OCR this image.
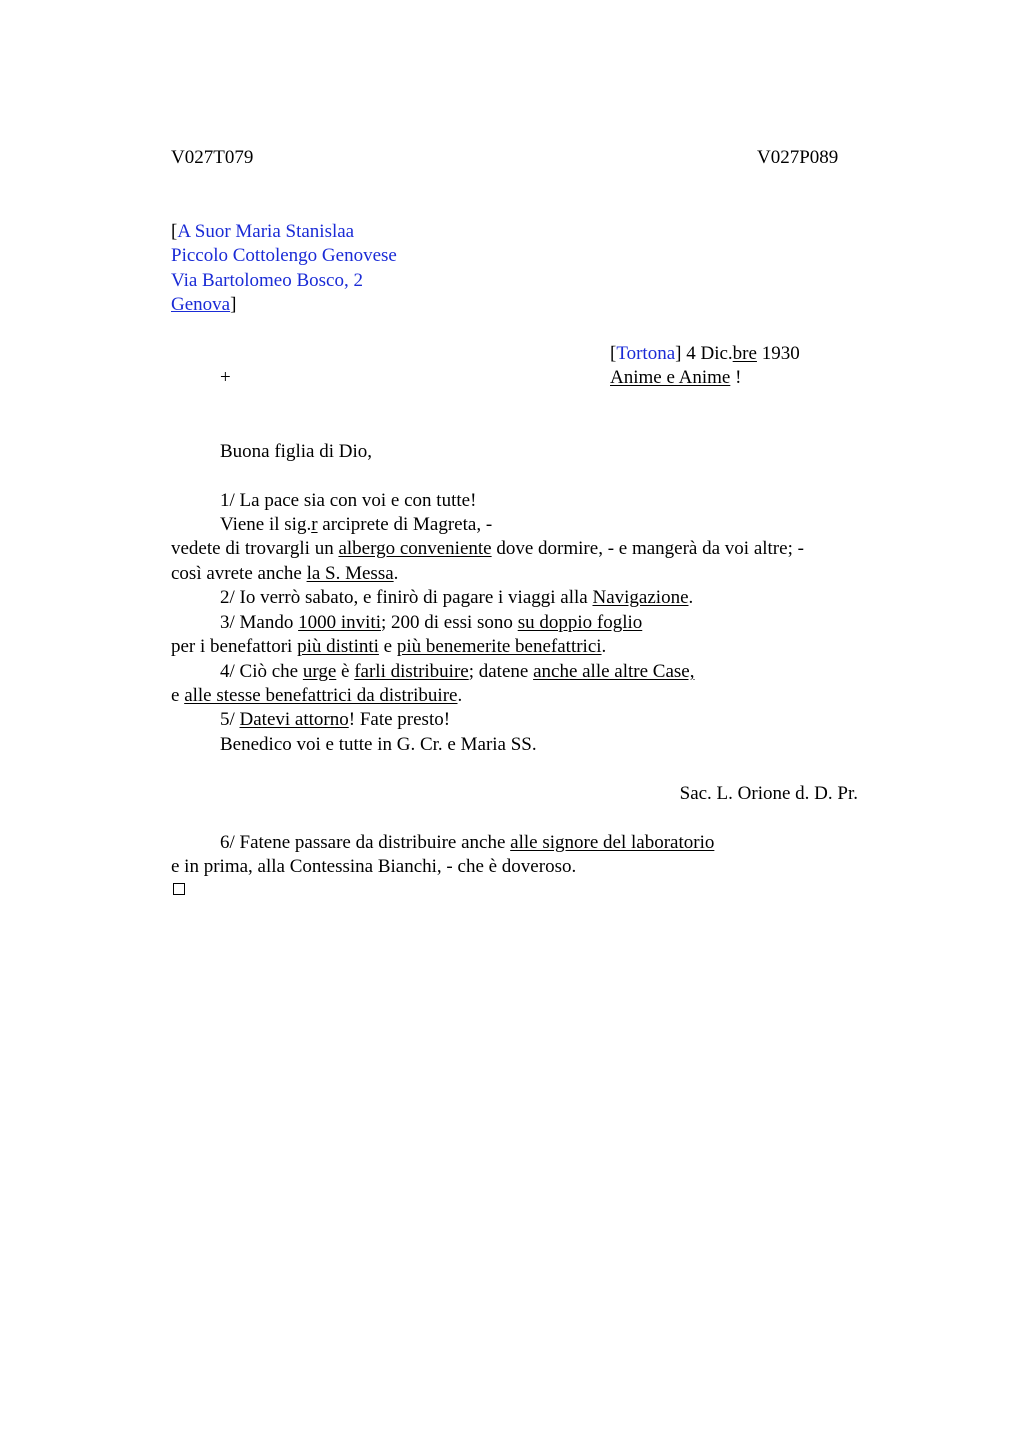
V027T079	V027P089
[A Suor Maria Stanislaa
Piccolo Cottolengo Genovese
Via Bartolomeo Bosco, 2
Genova]
[Tortona] 4 Dic.bre 1930
+	Anime e Anime !
Buona figlia di Dio,
1/ La pace sia con voi e con tutte!
Viene il sig.r arciprete di Magreta, -
vedete di trovargli un albergo conveniente dove dormire, - e mangerà da voi altre; -
così avrete anche la S. Messa.
2/ Io verrò sabato, e finirò di pagare i viaggi alla Navigazione.
3/ Mando 1000 inviti; 200 di essi sono su doppio foglio
per i benefattori più distinti e più benemerite benefattrici.
4/ Ciò che urge è farli distribuire; datene anche alle altre Case,
e alle stesse benefattrici da distribuire.
5/ Datevi attorno! Fate presto!
Benedico voi e tutte in G. Cr. e Maria SS.
Sac. L. Orione d. D. Pr.
6/ Fatene passare da distribuire anche alle signore del laboratorio
e in prima, alla Contessina Bianchi, - che è doveroso.
